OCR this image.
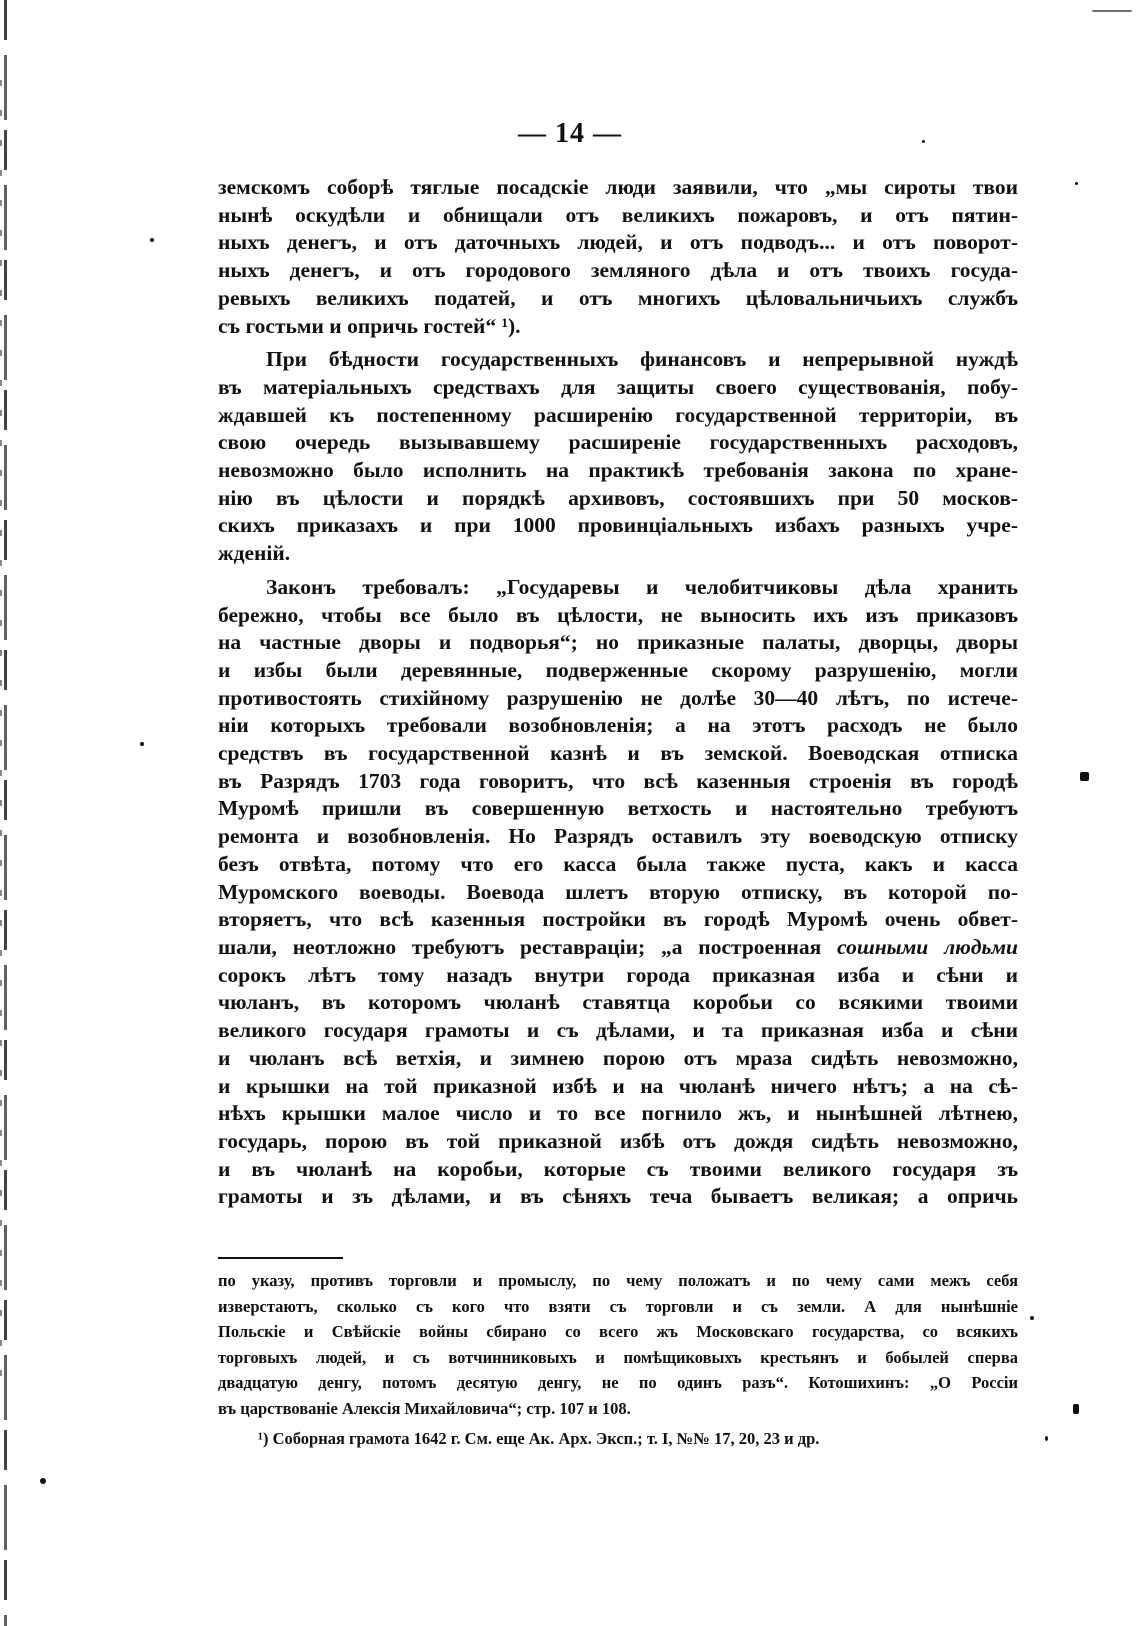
— 14 —
земскомъ соборѣ тяглые посадскіе люди заявили, что „мы сироты твои
нынѣ оскудѣли и обнищали отъ великихъ пожаровъ, и отъ пятин-
ныхъ денегъ, и отъ даточныхъ людей, и отъ подводъ... и отъ поворот-
ныхъ денегъ, и отъ городового земляного дѣла и отъ твоихъ госуда-
ревыхъ великихъ податей, и отъ многихъ цѣловальничьихъ службъ
съ гостьми и опричь гостей“ ¹).
При бѣдности государственныхъ финансовъ и непрерывной нуждѣ
въ матеріальныхъ средствахъ для защиты своего существованія, побу-
ждавшей къ постепенному расширенію государственной территоріи, въ
свою очередь вызывавшему расширеніе государственныхъ расходовъ,
невозможно было исполнить на практикѣ требованія закона по хране-
нію въ цѣлости и порядкѣ архивовъ, состоявшихъ при 50 москов-
скихъ приказахъ и при 1000 провинціальныхъ избахъ разныхъ учре-
жденій.
Законъ требовалъ: „Государевы и челобитчиковы дѣла хранить
бережно, чтобы все было въ цѣлости, не выносить ихъ изъ приказовъ
на частные дворы и подворья“; но приказные палаты, дворцы, дворы
и избы были деревянные, подверженные скорому разрушенію, могли
противостоять стихійному разрушенію не долѣе 30—40 лѣтъ, по истече-
ніи которыхъ требовали возобновленія; а на этотъ расходъ не было
средствъ въ государственной казнѣ и въ земской. Воеводская отписка
въ Разрядъ 1703 года говоритъ, что всѣ казенныя строенія въ городѣ
Муромѣ пришли въ совершенную ветхость и настоятельно требуютъ
ремонта и возобновленія. Но Разрядъ оставилъ эту воеводскую отписку
безъ отвѣта, потому что его касса была также пуста, какъ и касса
Муромского воеводы. Воевода шлетъ вторую отписку, въ которой по-
вторяетъ, что всѣ казенныя постройки въ городѣ Муромѣ очень обвет-
шали, неотложно требуютъ реставраціи; „а построенная сошными людьми
сорокъ лѣтъ тому назадъ внутри города приказная изба и сѣни и
чюланъ, въ которомъ чюланѣ ставятца коробьи со всякими твоими
великого государя грамоты и съ дѣлами, и та приказная изба и сѣни
и чюланъ всѣ ветхія, и зимнею порою отъ мраза сидѣть невозможно,
и крышки на той приказной избѣ и на чюланѣ ничего нѣтъ; а на сѣ-
нѣхъ крышки малое число и то все погнило жъ, и нынѣшней лѣтнею,
государь, порою въ той приказной избѣ отъ дождя сидѣть невозможно,
и въ чюланѣ на коробьи, которые съ твоими великого государя зъ
грамоты и зъ дѣлами, и въ сѣняхъ теча бываетъ великая; а опричь
по указу, противъ торговли и промыслу, по чему положатъ и по чему сами межъ себя
изверстаютъ, сколько съ кого что взяти съ торговли и съ земли. А для нынѣшніе
Польскіе и Свѣйскіе войны сбирано со всего жъ Московскаго государства, со всякихъ
торговыхъ людей, и съ вотчинниковыхъ и помѣщиковыхъ крестьянъ и бобылей сперва
двадцатую денгу, потомъ десятую денгу, не по одинъ разъ“. Котошихинъ: „О Россіи
въ царствованіе Алексія Михайловича“; стр. 107 и 108.
¹) Соборная грамота 1642 г. См. еще Ак. Арх. Эксп.; т. I, №№ 17, 20, 23 и др.
